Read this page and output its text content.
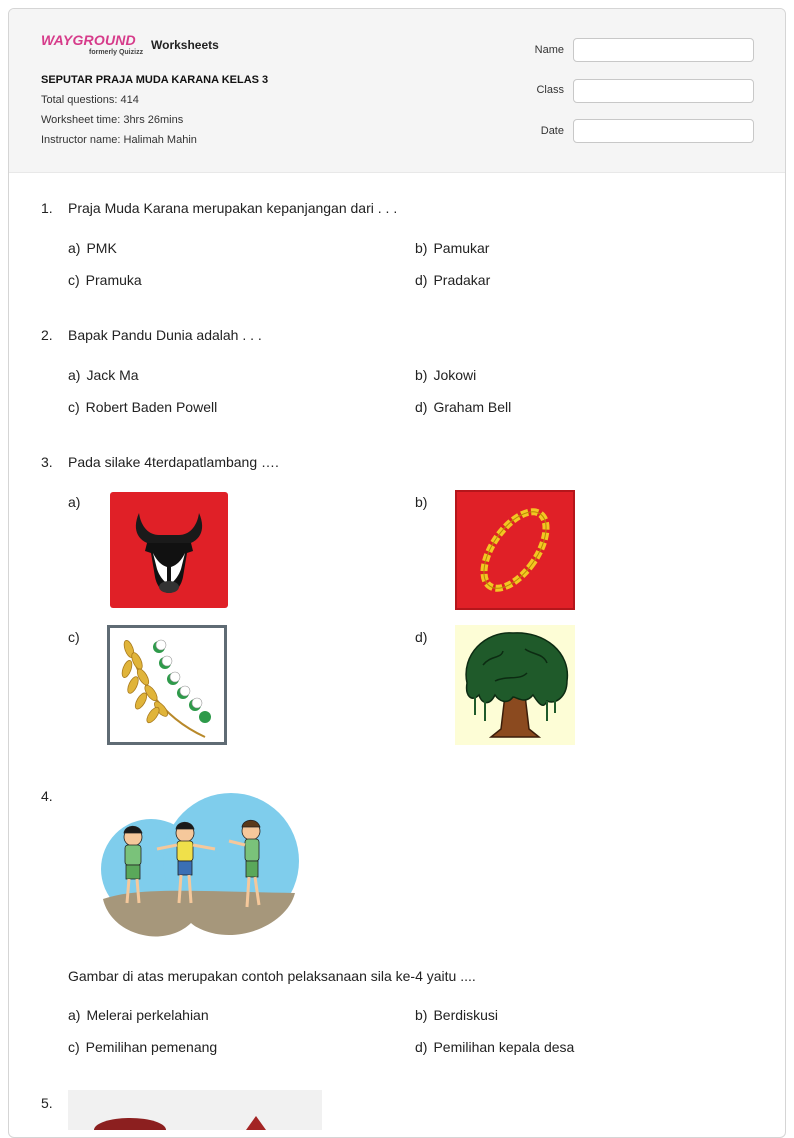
WAYGROUND
formerly Quizizz
Worksheets
SEPUTAR PRAJA MUDA KARANA KELAS 3
Total questions: 414
Worksheet time: 3hrs 26mins
Instructor name: Halimah Mahin
Name
Class
Date
1. Praja Muda Karana merupakan kepanjangan dari . . .
a) PMK	b) Pamukar
c) Pramuka	d) Pradakar
2. Bapak Pandu Dunia adalah . . .
a) Jack Ma	b) Jokowi
c) Robert Baden Powell	d) Graham Bell
3. Pada silake 4terdapatlambang ….
a)	b)
c)	d)
4.
Gambar di atas merupakan contoh pelaksanaan sila ke-4 yaitu ....
a) Melerai perkelahian	b) Berdiskusi
c) Pemilihan pemenang	d) Pemilihan kepala desa
5.
